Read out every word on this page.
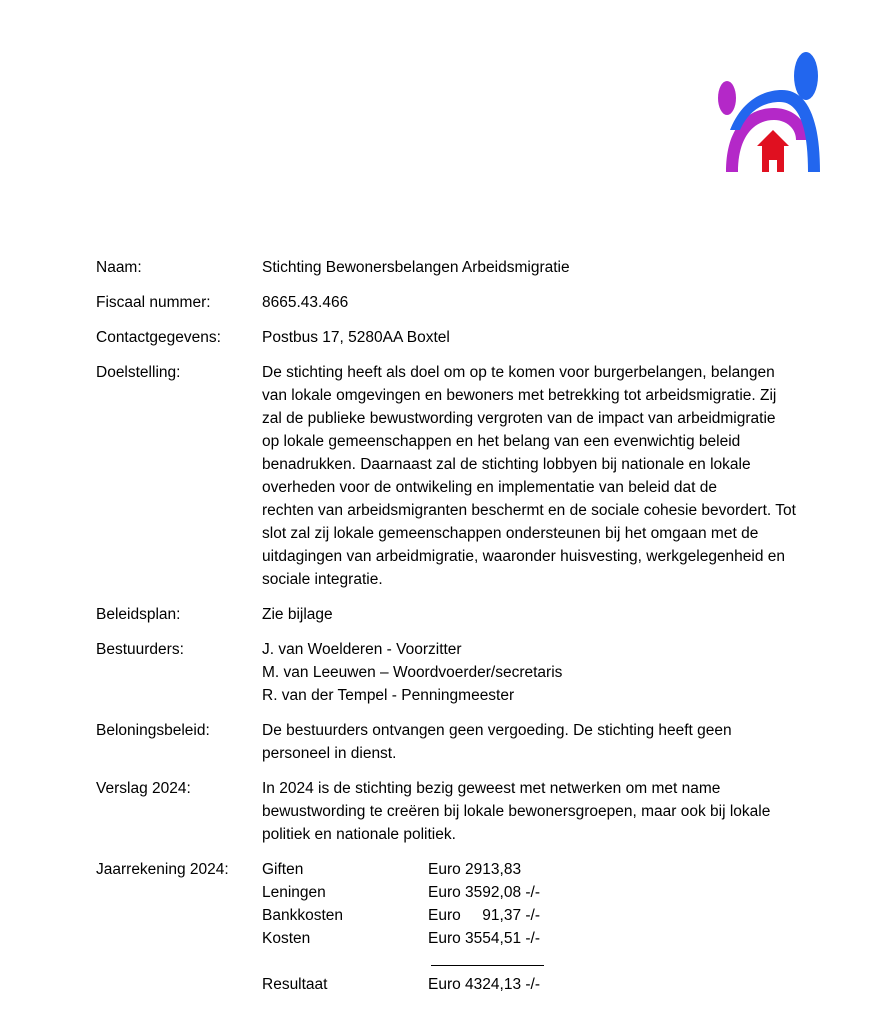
Naam:	Stichting Bewonersbelangen Arbeidsmigratie
Fiscaal nummer:	8665.43.466
Contactgegevens:	Postbus 17, 5280AA Boxtel
Doelstelling:	De stichting heeft als doel om op te komen voor burgerbelangen, belangen
van lokale omgevingen en bewoners met betrekking tot arbeidsmigratie. Zij
zal de publieke bewustwording vergroten van de impact van arbeidmigratie
op lokale gemeenschappen en het belang van een evenwichtig beleid
benadrukken. Daarnaast zal de stichting lobbyen bij nationale en lokale
overheden voor de ontwikeling en implementatie van beleid dat de
rechten van arbeidsmigranten beschermt en de sociale cohesie bevordert. Tot
slot zal zij lokale gemeenschappen ondersteunen bij het omgaan met de
uitdagingen van arbeidmigratie, waaronder huisvesting, werkgelegenheid en
sociale integratie.
Beleidsplan:	Zie bijlage
Bestuurders:	J. van Woelderen - Voorzitter
M. van Leeuwen – Woordvoerder/secretaris
R. van der Tempel - Penningmeester
Beloningsbeleid:	De bestuurders ontvangen geen vergoeding. De stichting heeft geen
personeel in dienst.
Verslag 2024:	In 2024 is de stichting bezig geweest met netwerken om met name
bewustwording te creëren bij lokale bewonersgroepen, maar ook bij lokale
politiek en nationale politiek.
Jaarrekening 2024:	Giften	Euro 2913,83
Leningen	Euro 3592,08 -/-
Bankkosten	Euro     91,37 -/-
Kosten	Euro 3554,51 -/-
Resultaat	Euro 4324,13 -/-
